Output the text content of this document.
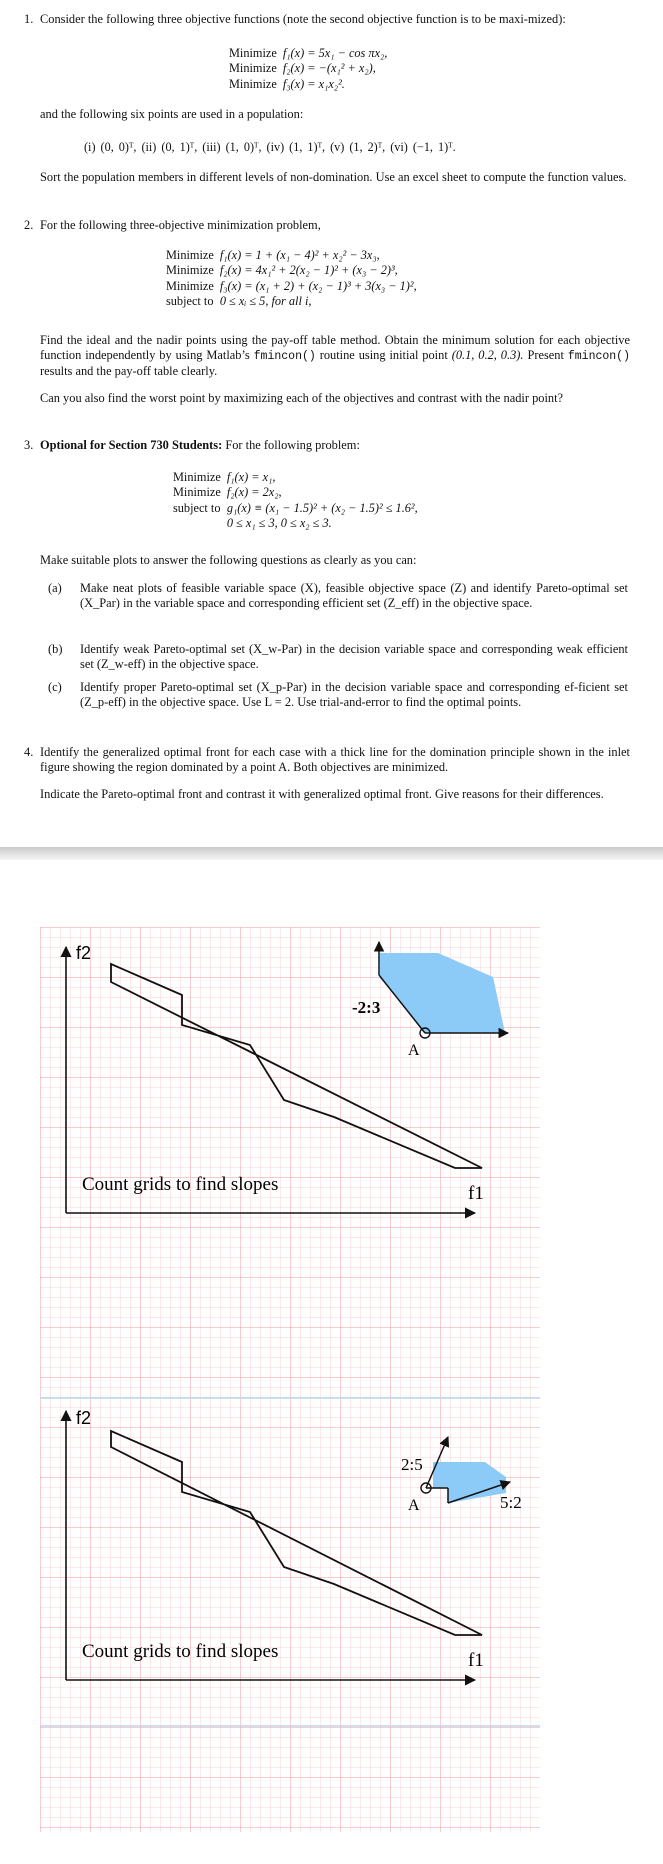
1. Consider the following three objective functions (note the second objective function is to be maxi-mized):
Minimize	f₁(x) = 5x₁ − cos πx₂,
Minimize	f₂(x) = −(x₁² + x₂),
Minimize	f₃(x) = x₁x₂².
and the following six points are used in a population:
(i) (0, 0)ᵀ, (ii) (0, 1)ᵀ, (iii) (1, 0)ᵀ, (iv) (1, 1)ᵀ, (v) (1, 2)ᵀ, (vi) (−1, 1)ᵀ.
Sort the population members in different levels of non-domination. Use an excel sheet to compute the function values.
2. For the following three-objective minimization problem,
Minimize	f₁(x) = 1 + (x₁ − 4)² + x₂² − 3x₃,
Minimize	f₂(x) = 4x₁² + 2(x₂ − 1)² + (x₃ − 2)³,
Minimize	f₃(x) = (x₁ + 2) + (x₂ − 1)³ + 3(x₃ − 1)²,
subject to	0 ≤ xᵢ ≤ 5, for all i,
Find the ideal and the nadir points using the pay-off table method. Obtain the minimum solution for each objective function independently by using Matlab’s fmincon() routine using initial point (0.1, 0.2, 0.3). Present fmincon() results and the pay-off table clearly.
Can you also find the worst point by maximizing each of the objectives and contrast with the nadir point?
3. Optional for Section 730 Students: For the following problem:
Minimize	f₁(x) = x₁,
Minimize	f₂(x) = 2x₂,
subject to	g₁(x) ≡ (x₁ − 1.5)² + (x₂ − 1.5)² ≤ 1.6²,
	0 ≤ x₁ ≤ 3, 0 ≤ x₂ ≤ 3.
Make suitable plots to answer the following questions as clearly as you can:
(a) Make neat plots of feasible variable space (X), feasible objective space (Z) and identify Pareto-optimal set (X_Par) in the variable space and corresponding efficient set (Z_eff) in the objective space.
(b) Identify weak Pareto-optimal set (X_w-Par) in the decision variable space and corresponding weak efficient set (Z_w-eff) in the objective space.
(c) Identify proper Pareto-optimal set (X_p-Par) in the decision variable space and corresponding ef-ficient set (Z_p-eff) in the objective space. Use L = 2. Use trial-and-error to find the optimal points.
4. Identify the generalized optimal front for each case with a thick line for the domination principle shown in the inlet figure showing the region dominated by a point A. Both objectives are minimized.
Indicate the Pareto-optimal front and contrast it with generalized optimal front. Give reasons for their differences.
f2
f1
Count grids to find slopes
A
-2:3
f2
f1
Count grids to find slopes
A
2:5
5:2
